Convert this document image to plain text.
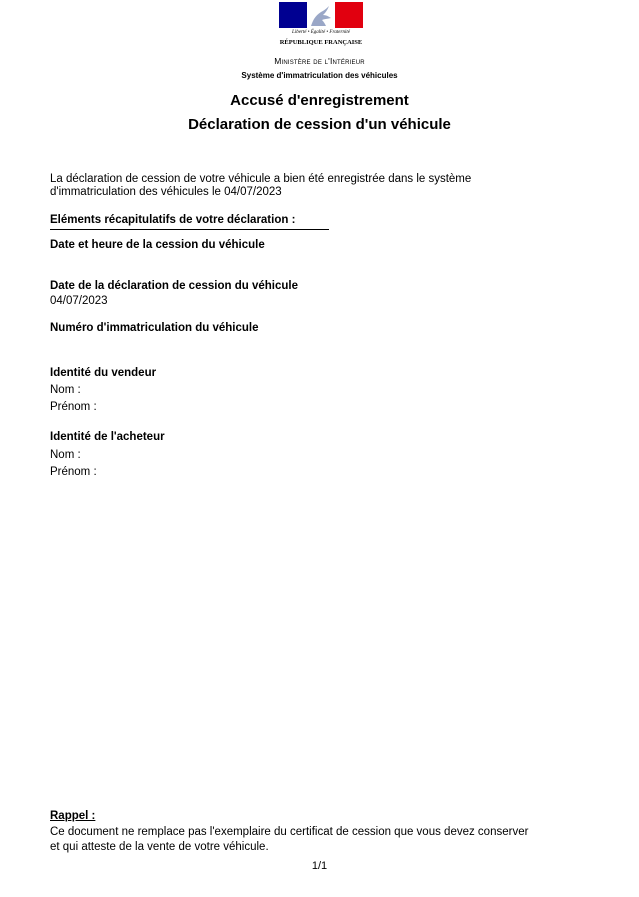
Liberté • Égalité • Fraternité
RÉPUBLIQUE FRANÇAISE
Ministère de l'Intérieur
Système d'immatriculation des véhicules
Accusé d'enregistrement
Déclaration de cession d'un véhicule
La déclaration de cession de votre véhicule a bien été enregistrée dans le système
d'immatriculation des véhicules le 04/07/2023
Eléments récapitulatifs de votre déclaration :
Date et heure de la cession du véhicule
Date de la déclaration de cession du véhicule
04/07/2023
Numéro d'immatriculation du véhicule
Identité du vendeur
Nom :
Prénom :
Identité de l'acheteur
Nom :
Prénom :
Rappel :
Ce document ne remplace pas l'exemplaire du certificat de cession que vous devez conserver
et qui atteste de la vente de votre véhicule.
1/1
